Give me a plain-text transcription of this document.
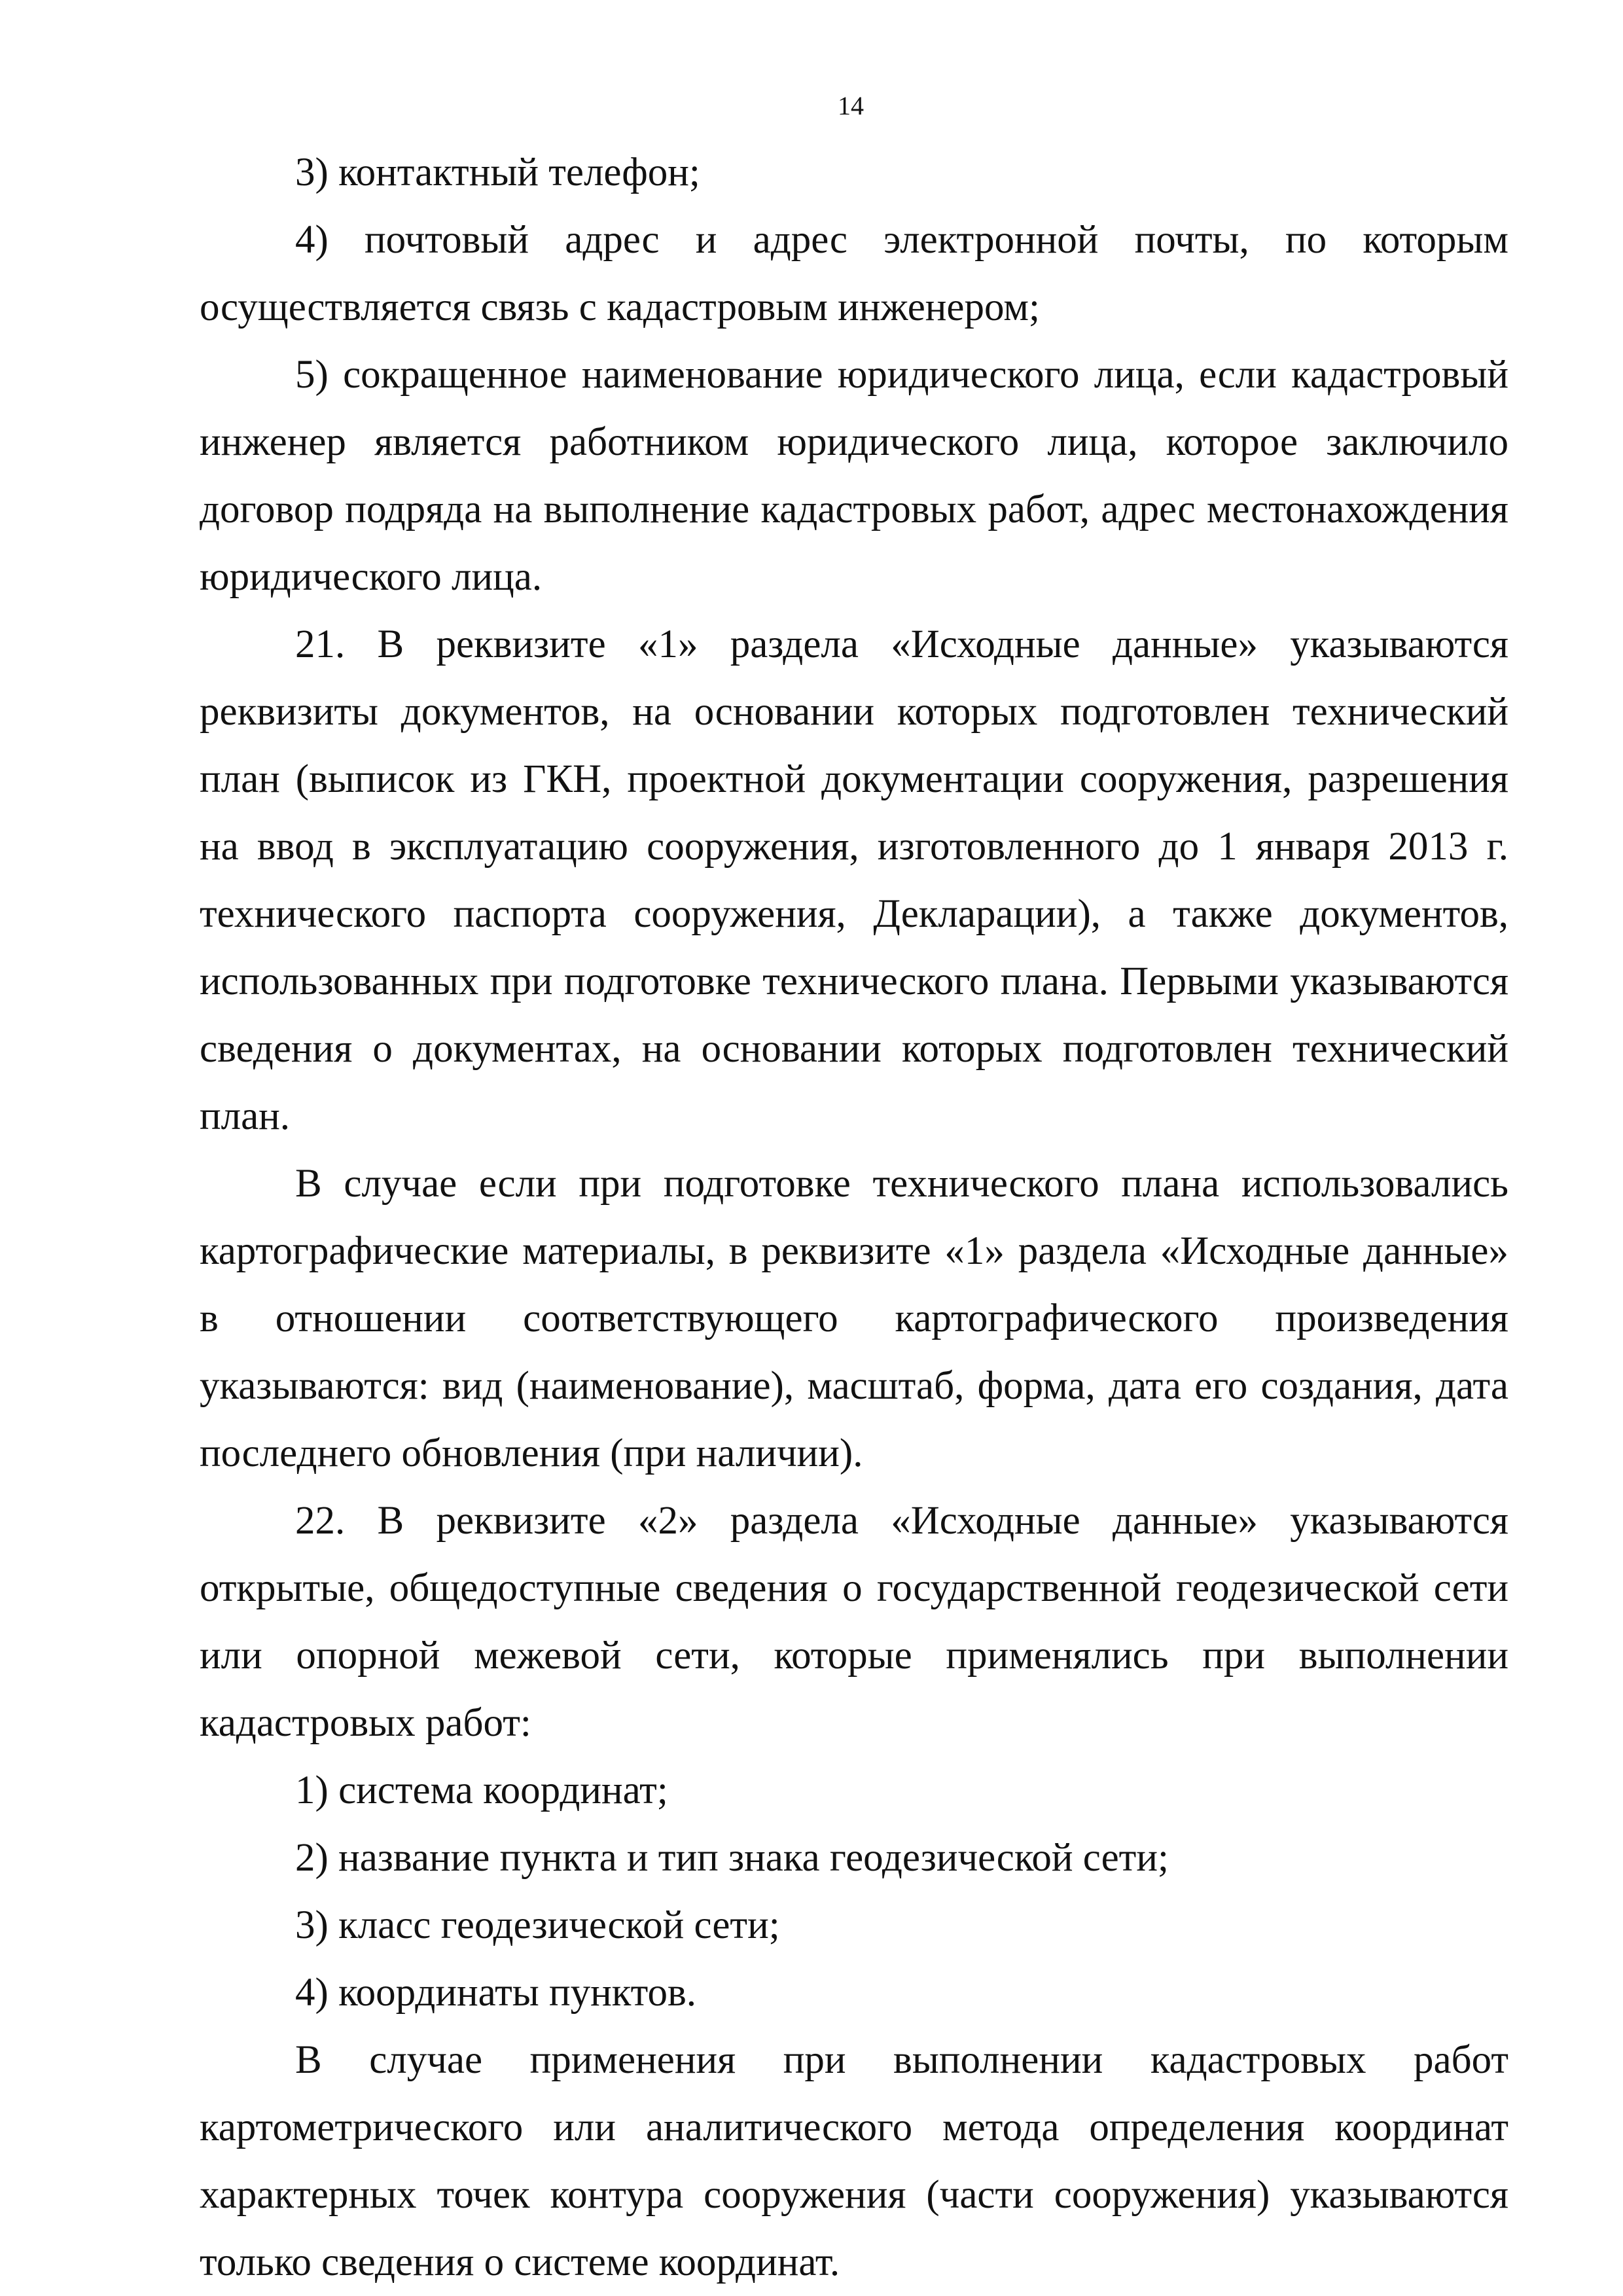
14

3) контактный телефон;

4) почтовый адрес и адрес электронной почты, по которым осуществляется связь с кадастровым инженером;

5) сокращенное наименование юридического лица, если кадастровый инженер является работником юридического лица, которое заключило договор подряда на выполнение кадастровых работ, адрес местонахождения юридического лица.

21. В реквизите «1» раздела «Исходные данные» указываются реквизиты документов, на основании которых подготовлен технический план (выписок из ГКН, проектной документации сооружения, разрешения на ввод в эксплуатацию сооружения, изготовленного до 1 января 2013 г. технического паспорта сооружения, Декларации), а также документов, использованных при подготовке технического плана. Первыми указываются сведения о документах, на основании которых подготовлен технический план.

В случае если при подготовке технического плана использовались картографические материалы, в реквизите «1» раздела «Исходные данные» в отношении соответствующего картографического произведения указываются: вид (наименование), масштаб, форма, дата его создания, дата последнего обновления (при наличии).

22. В реквизите «2» раздела «Исходные данные» указываются открытые, общедоступные сведения о государственной геодезической сети или опорной межевой сети, которые применялись при выполнении кадастровых работ:

1) система координат;

2) название пункта и тип знака геодезической сети;

3) класс геодезической сети;

4) координаты пунктов.

В случае применения при выполнении кадастровых работ картометрического или аналитического метода определения координат характерных точек контура сооружения (части сооружения) указываются только сведения о системе координат.
